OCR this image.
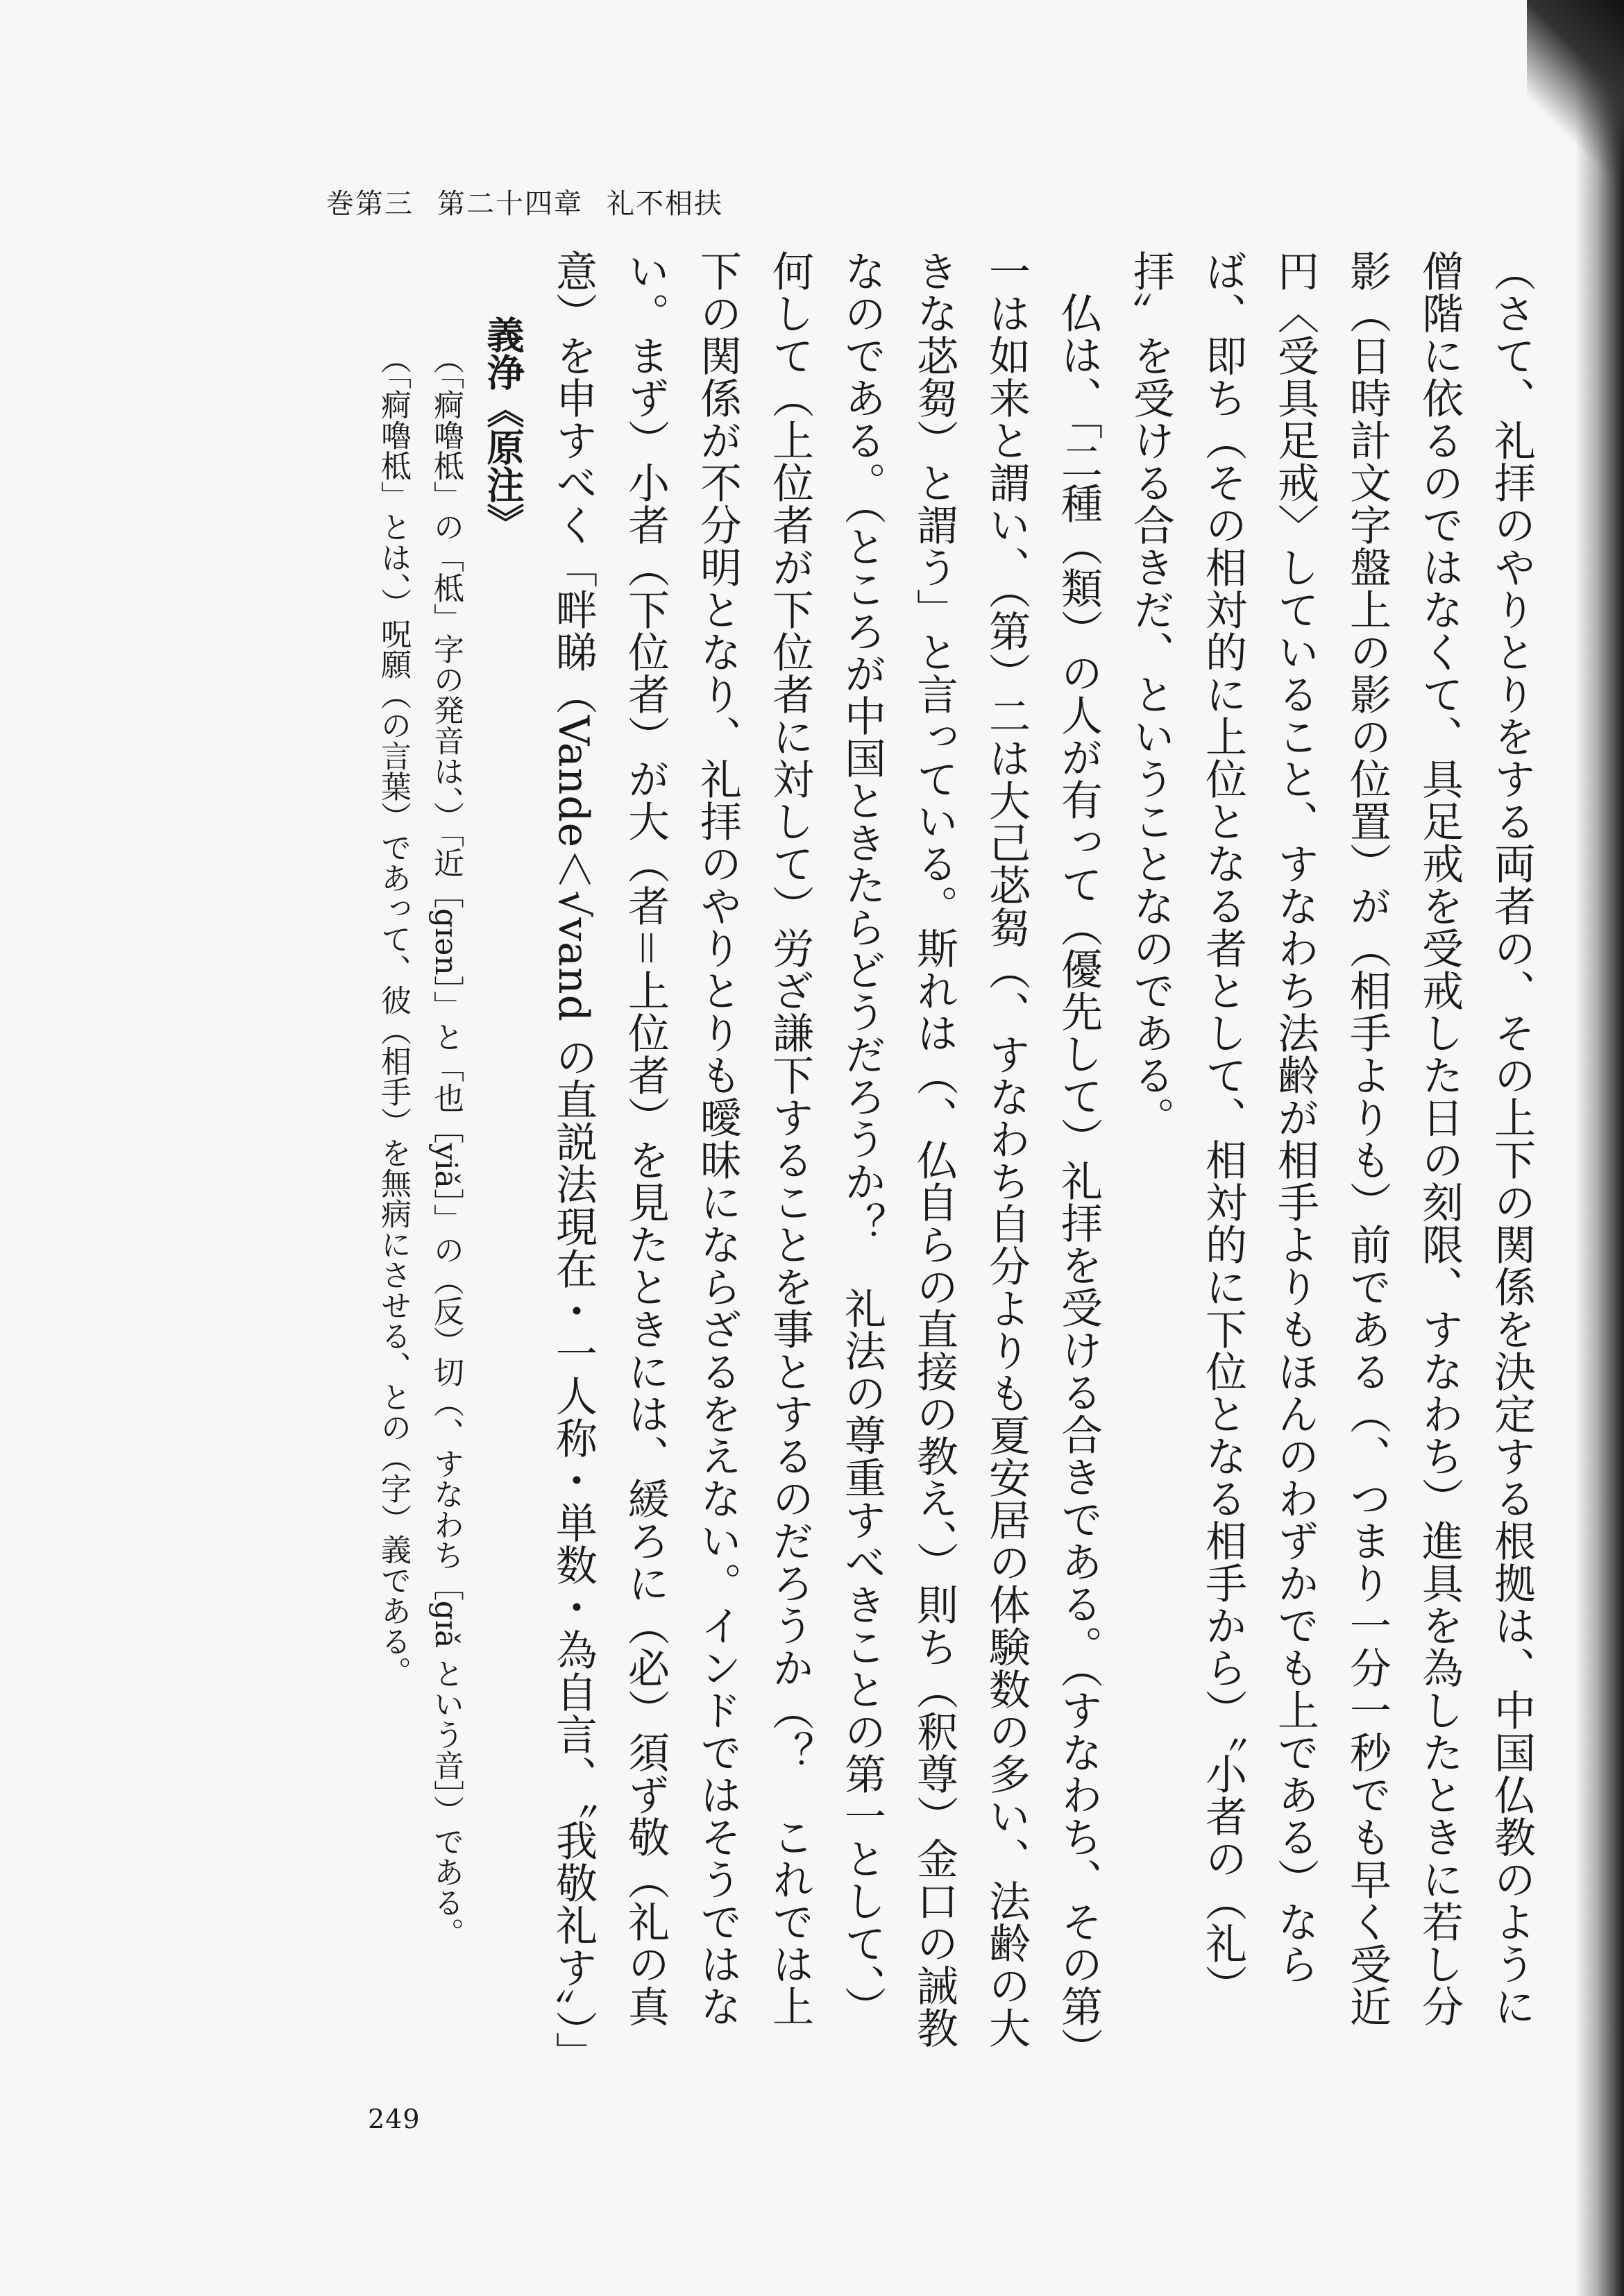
巻第三 第二十四章 礼不相扶

（さて、礼拝のやりとりをする両者の、その上下の関係を決定する根拠は、中国仏教のように僧階に依るのではなくて、具足戒を受戒した日の刻限、すなわち）進具を為したときに若し分影（日時計文字盤上の影の位置）が（相手よりも）前である（、つまり一分一秒でも早く受近円〈受具足戒〉していること、すなわち法齢が相手よりもほんのわずかでも上である）ならば、即ち（その相対的に上位となる者として、相対的に下位となる相手から）〝小者の（礼）拝〟を受ける合きだ、ということなのである。

仏は、「二種（類）の人が有って（優先して）礼拝を受ける合きである。（すなわち、その第）一は如来と謂い、（第）二は大己苾芻（、すなわち自分よりも夏安居の体験数の多い、法齢の大きな苾芻）と謂う」と言っている。斯れは（、仏自らの直接の教え、）則ち（釈尊）金口の誡教なのである。（ところが中国ときたらどうだろうか？　礼法の尊重すべきことの第一として、）何して（上位者が下位者に対して）労ざ謙下することを事とするのだろうか（？　これでは上下の関係が不分明となり、礼拝のやりとりも曖昧にならざるをえない。インドではそうではない。まず）小者（下位者）が大（者＝上位者）を見たときには、緩ろに（必）須ず敬（礼の真意）を申すべく「畔睇（Vande＜√vand の直説法現在・一人称・単数・為自言、〝我敬礼す〟）」　　

義浄《原注》

（「痾嚕柢」の「柢」字の発音は、）「近［gɪən］」と「也［yiǎ］」の（反）切（、すなわち［gɪǎ という音］）である。

（「痾嚕柢」とは、）呪願（の言葉）であって、彼（相手）を無病にさせる、との（字）義である。

249
